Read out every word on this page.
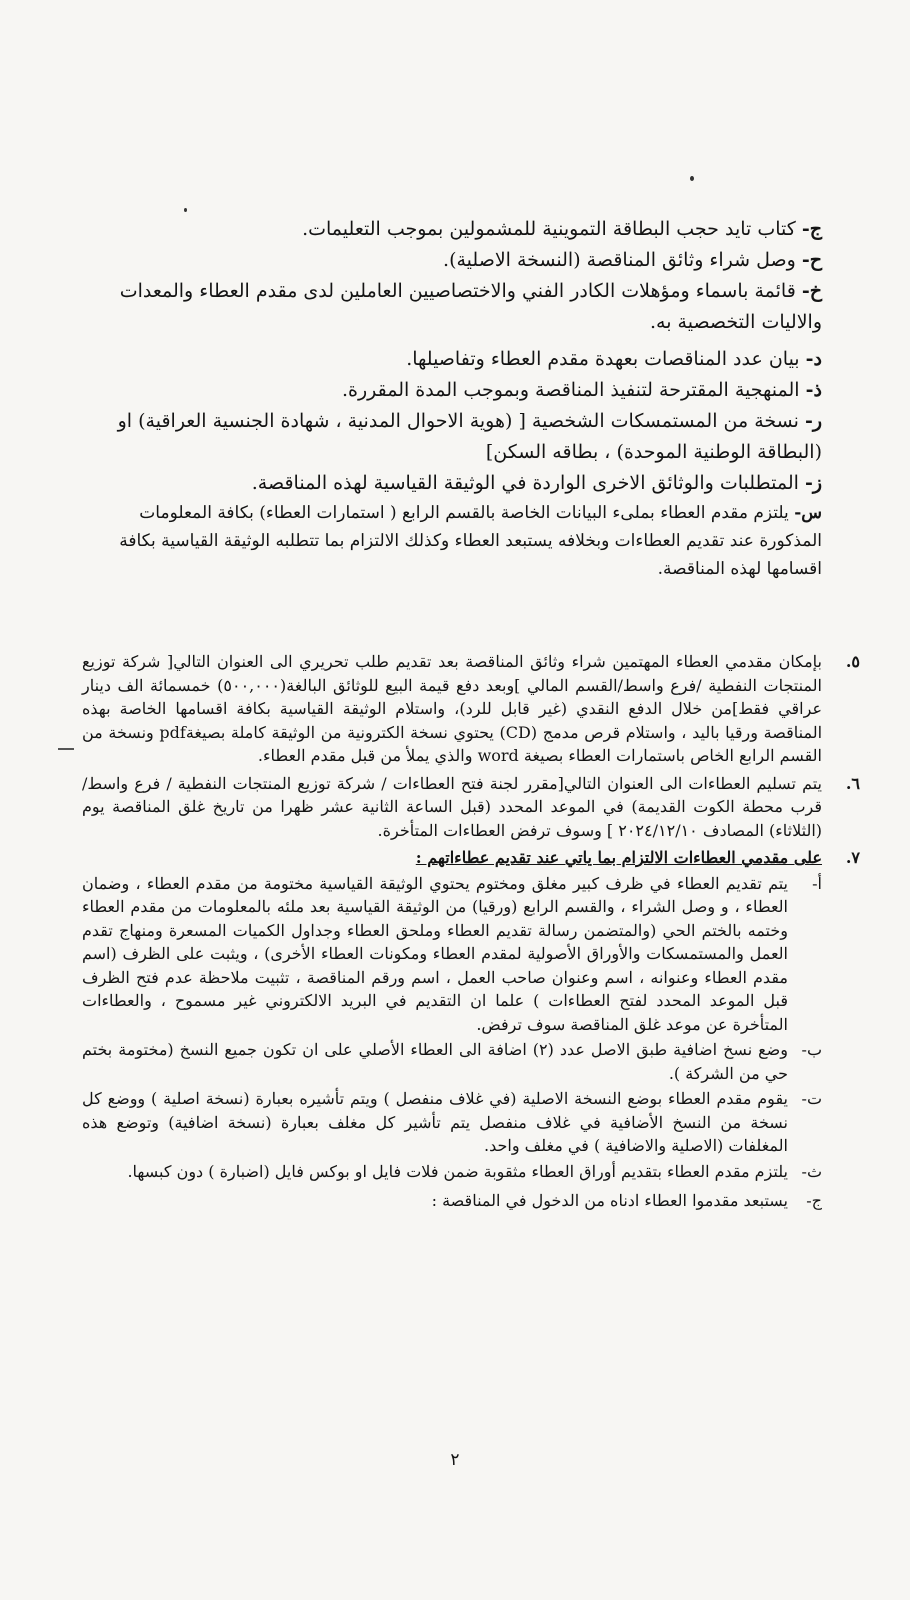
ج- كتاب تايد حجب البطاقة التموينية للمشمولين بموجب التعليمات.
ح- وصل شراء وثائق المناقصة (النسخة الاصلية).
خ- قائمة باسماء ومؤهلات الكادر الفني والاختصاصيين العاملين لدى مقدم العطاء والمعدات والاليات التخصصية به.
د- بيان عدد المناقصات بعهدة مقدم العطاء وتفاصيلها.
ذ- المنهجية المقترحة لتنفيذ المناقصة وبموجب المدة المقررة.
ر- نسخة من المستمسكات الشخصية [ (هوية الاحوال المدنية ، شهادة الجنسية العراقية) او (البطاقة الوطنية الموحدة) ، بطاقه السكن]
ز- المتطلبات والوثائق الاخرى الواردة في الوثيقة القياسية لهذه المناقصة.
س- يلتزم مقدم العطاء بملىء البيانات الخاصة بالقسم الرابع ( استمارات العطاء) بكافة المعلومات المذكورة عند تقديم العطاءات وبخلافه يستبعد العطاء وكذلك الالتزام بما تتطلبه الوثيقة القياسية بكافة اقسامها لهذه المناقصة.
٥.
بإمكان مقدمي العطاء المهتمين شراء وثائق المناقصة بعد تقديم طلب تحريري الى العنوان التالي[ شركة توزيع المنتجات النفطية /فرع واسط/القسم المالي ]وبعد دفع قيمة البيع للوثائق البالغة(٥٠٠,٠٠٠) خمسمائة الف دينار عراقي فقط]من خلال الدفع النقدي (غير قابل للرد)، واستلام الوثيقة القياسية بكافة اقسامها الخاصة بهذه المناقصة ورقيا باليد ، واستلام قرص مدمج (CD) يحتوي نسخة الكترونية من الوثيقة كاملة بصيغةpdf ونسخة من القسم الرابع الخاص باستمارات العطاء بصيغة word والذي يملأ من قبل مقدم العطاء.
٦.
يتم تسليم العطاءات الى العنوان التالي[مقرر لجنة فتح العطاءات / شركة توزيع المنتجات النفطية / فرع واسط/قرب محطة الكوت القديمة) في الموعد المحدد (قبل الساعة الثانية عشر ظهرا من تاريخ غلق المناقصة يوم (الثلاثاء) المصادف ٢٠٢٤/١٢/١٠ ] وسوف ترفض العطاءات المتأخرة.
٧.
على مقدمي العطاءات الالتزام بما ياتي عند تقديم عطاءاتهم :
أ-
يتم تقديم العطاء في ظرف كبير مغلق ومختوم يحتوي الوثيقة القياسية مختومة من مقدم العطاء ، وضمان العطاء ، و وصل الشراء ، والقسم الرابع (ورقيا) من الوثيقة القياسية بعد ملئه بالمعلومات من مقدم العطاء وختمه بالختم الحي (والمتضمن رسالة تقديم العطاء وملحق العطاء وجداول الكميات المسعرة ومنهاج تقدم العمل والمستمسكات والأوراق الأصولية لمقدم العطاء ومكونات العطاء الأخرى) ، ويثبت على الظرف (اسم مقدم العطاء وعنوانه ، اسم وعنوان صاحب العمل ، اسم ورقم المناقصة ، تثبيت ملاحظة عدم فتح الظرف قبل الموعد المحدد لفتح العطاءات ) علما ان التقديم في البريد الالكتروني غير مسموح ، والعطاءات المتأخرة عن موعد غلق المناقصة سوف ترفض.
ب-
وضع نسخ اضافية طبق الاصل عدد (٢) اضافة الى العطاء الأصلي على ان تكون جميع النسخ (مختومة بختم حي من الشركة ).
ت-
يقوم مقدم العطاء بوضع النسخة الاصلية (في غلاف منفصل ) ويتم تأشيره بعبارة (نسخة اصلية ) ووضع كل نسخة من النسخ الأضافية في غلاف منفصل يتم تأشير كل مغلف بعبارة (نسخة اضافية) وتوضع هذه المغلفات (الاصلية والاضافية ) في مغلف واحد.
ث-
يلتزم مقدم العطاء بتقديم أوراق العطاء مثقوبة ضمن فلات فايل او بوكس فايل (اضبارة ) دون كبسها.
ج-
يستبعد مقدموا العطاء ادناه من الدخول في المناقصة :
٢
